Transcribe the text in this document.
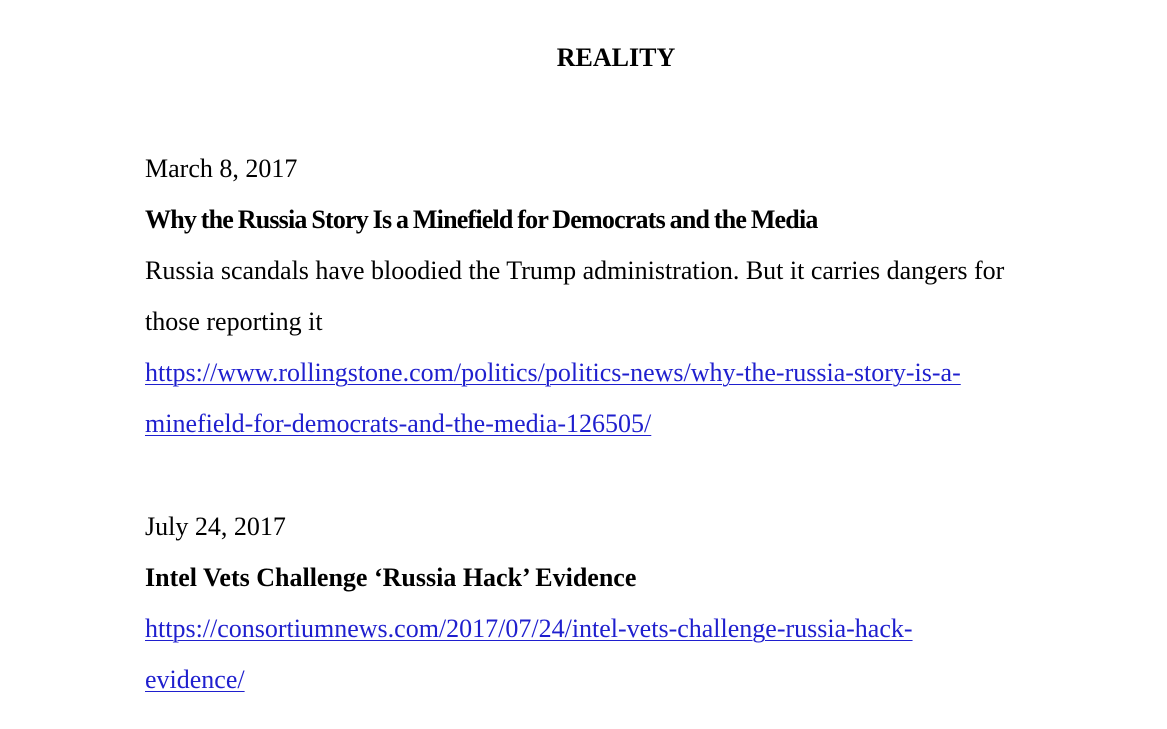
REALITY
March 8, 2017
Why the Russia Story Is a Minefield for Democrats and the Media
Russia scandals have bloodied the Trump administration. But it carries dangers for
those reporting it
https://www.rollingstone.com/politics/politics-news/why-the-russia-story-is-a-
minefield-for-democrats-and-the-media-126505/
July 24, 2017
Intel Vets Challenge ‘Russia Hack’ Evidence
https://consortiumnews.com/2017/07/24/intel-vets-challenge-russia-hack-
evidence/
